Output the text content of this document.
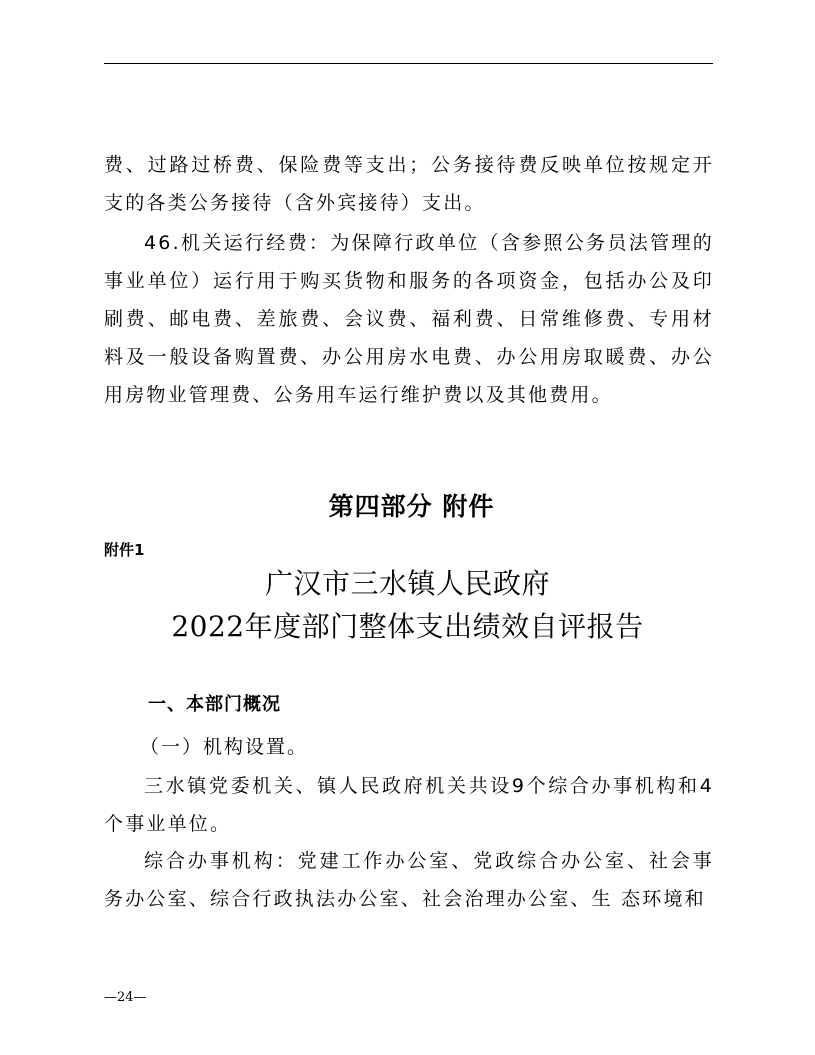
费、过路过桥费、保险费等支出；公务接待费反映单位按规定开支的各类公务接待（含外宾接待）支出。
46.机关运行经费：为保障行政单位（含参照公务员法管理的事业单位）运行用于购买货物和服务的各项资金，包括办公及印刷费、邮电费、差旅费、会议费、福利费、日常维修费、专用材料及一般设备购置费、办公用房水电费、办公用房取暖费、办公用房物业管理费、公务用车运行维护费以及其他费用。
第四部分 附件
附件1
广汉市三水镇人民政府
2022年度部门整体支出绩效自评报告
一、本部门概况
（一）机构设置。
三水镇党委机关、镇人民政府机关共设9个综合办事机构和4个事业单位。
综合办事机构：党建工作办公室、党政综合办公室、社会事务办公室、综合行政执法办公室、社会治理办公室、生 态环境和
—24—
